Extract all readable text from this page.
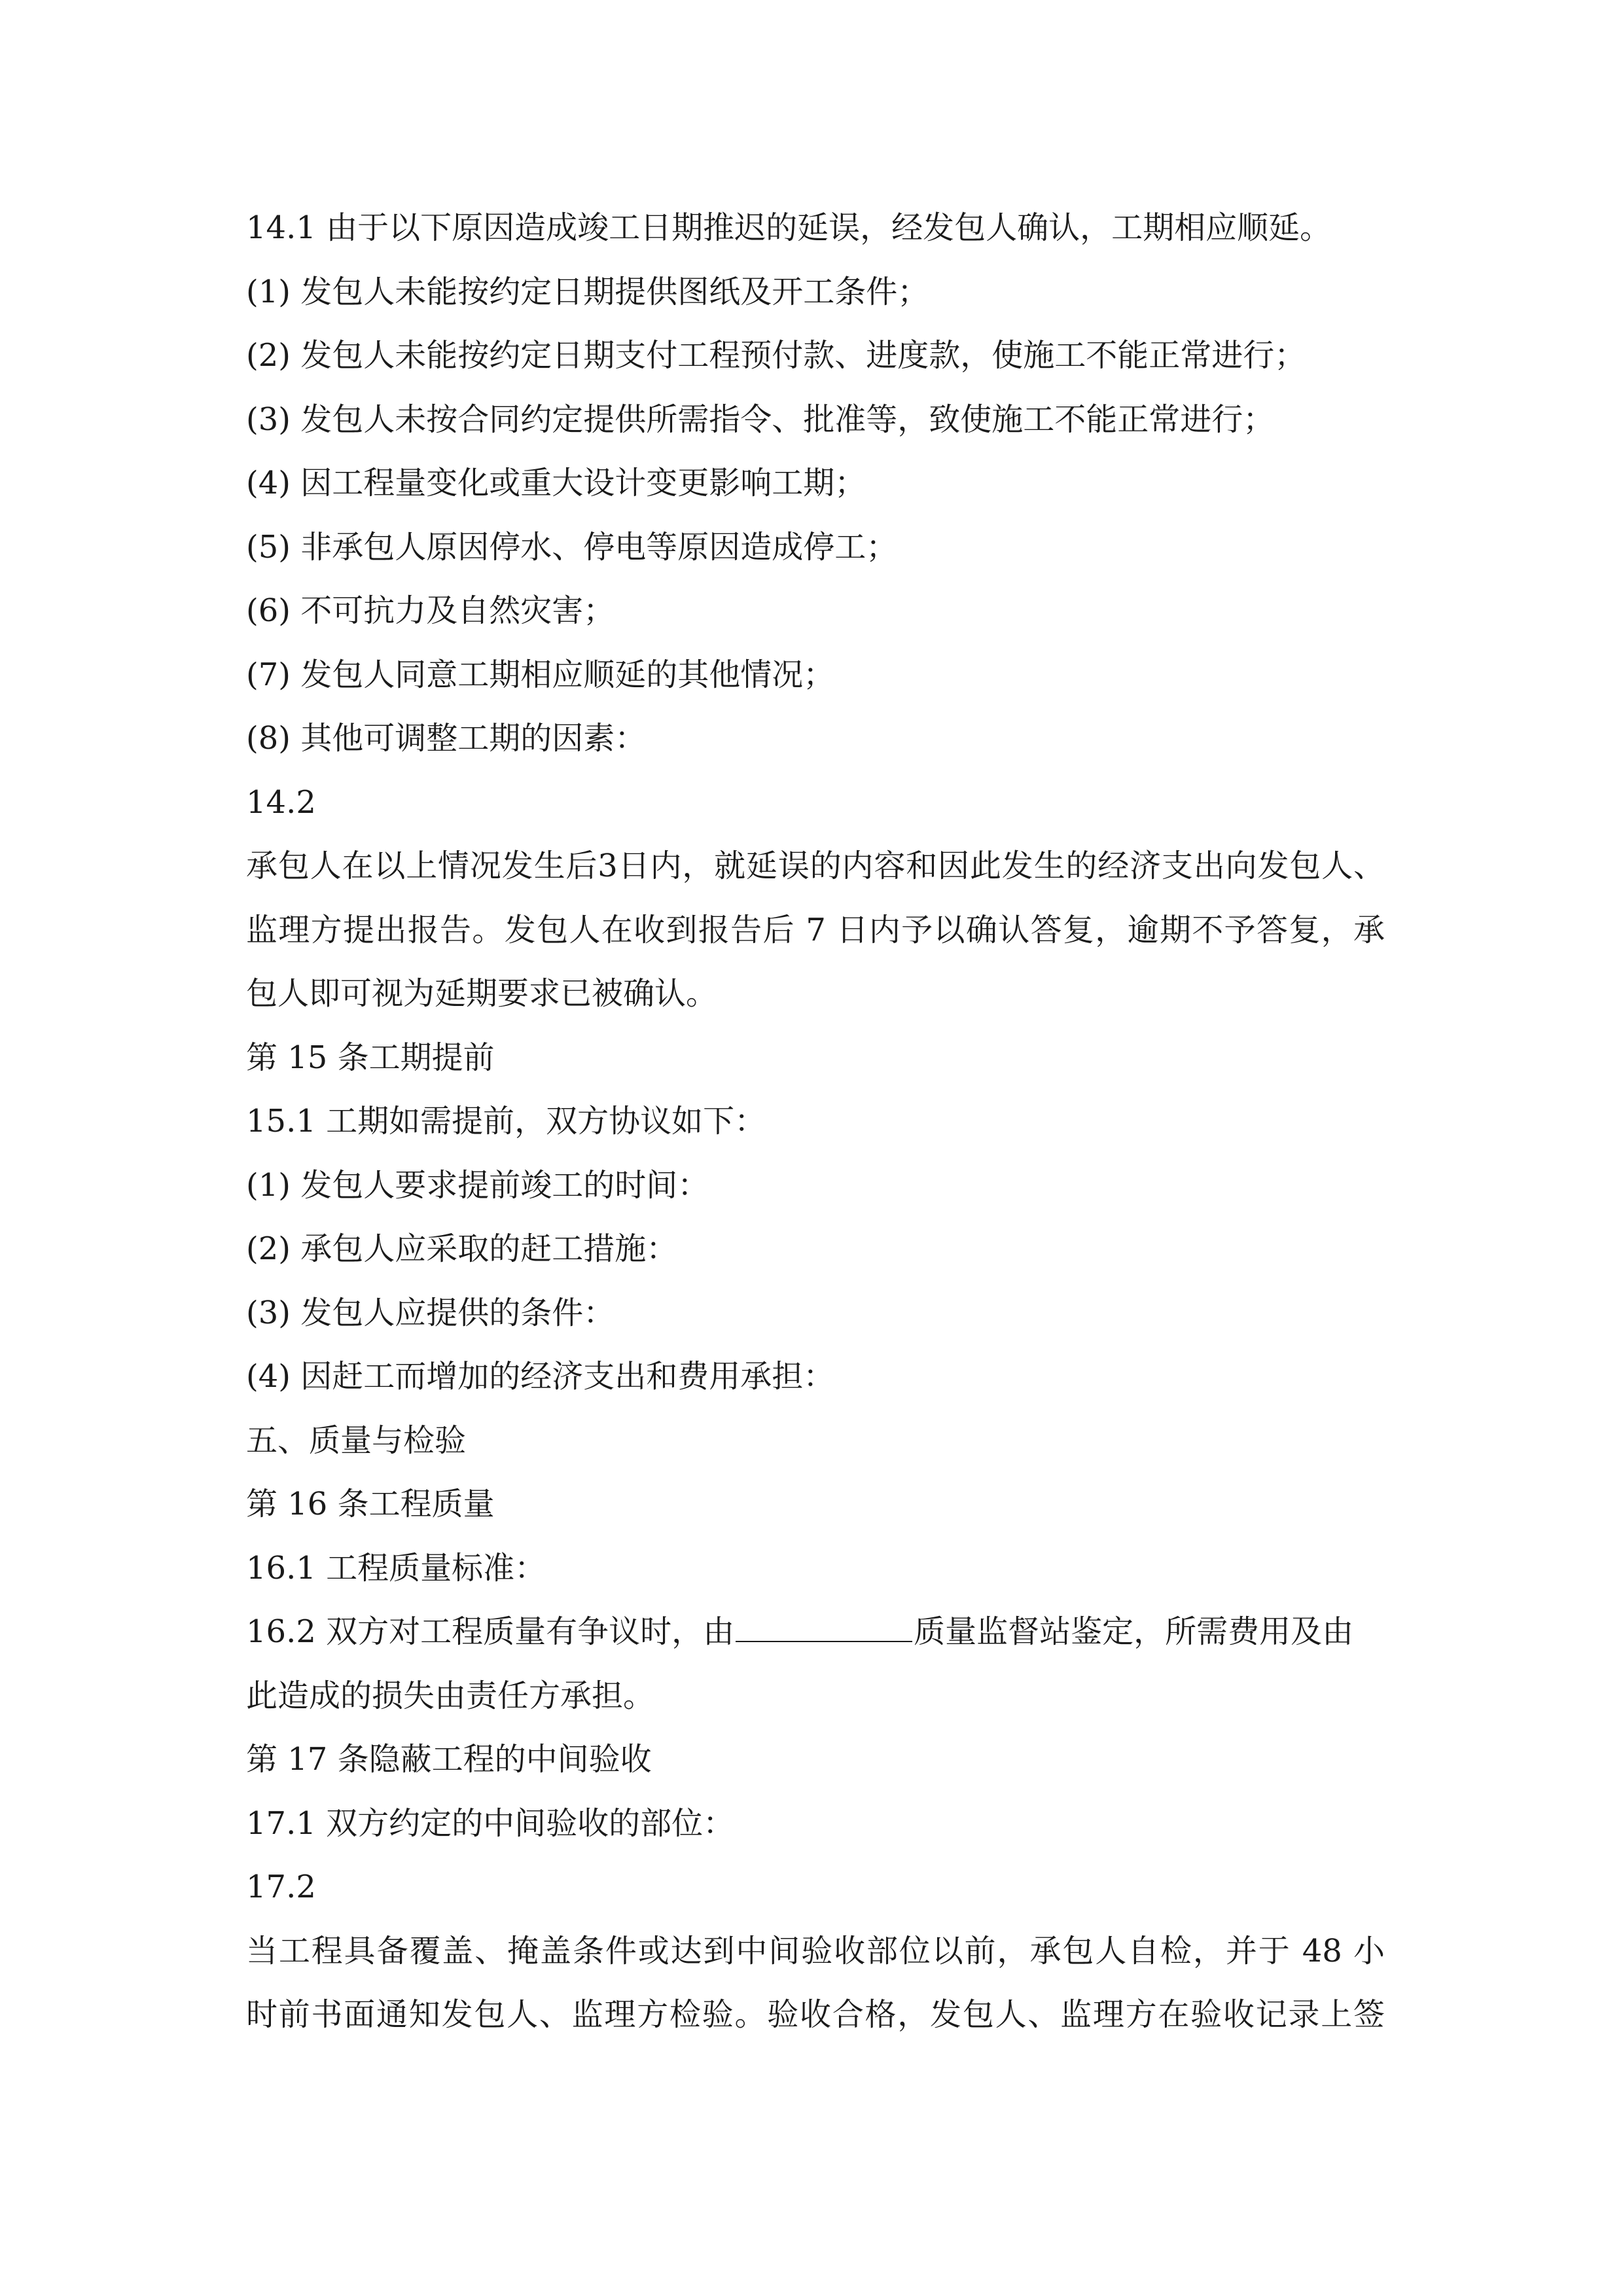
14.1 由于以下原因造成竣工日期推迟的延误，经发包人确认，工期相应顺延。
(1) 发包人未能按约定日期提供图纸及开工条件；
(2) 发包人未能按约定日期支付工程预付款、进度款，使施工不能正常进行；
(3) 发包人未按合同约定提供所需指令、批准等，致使施工不能正常进行；
(4) 因工程量变化或重大设计变更影响工期；
(5) 非承包人原因停水、停电等原因造成停工；
(6) 不可抗力及自然灾害；
(7) 发包人同意工期相应顺延的其他情况；
(8) 其他可调整工期的因素：
14.2
承包人在以上情况发生后3日内，就延误的内容和因此发生的经济支出向发包人、
监理方提出报告。发包人在收到报告后 7 日内予以确认答复，逾期不予答复，承
包人即可视为延期要求已被确认。
第 15 条工期提前
15.1 工期如需提前，双方协议如下：
(1) 发包人要求提前竣工的时间：
(2) 承包人应采取的赶工措施：
(3) 发包人应提供的条件：
(4) 因赶工而增加的经济支出和费用承担：
五、质量与检验
第 16 条工程质量
16.1 工程质量标准：
16.2 双方对工程质量有争议时，由	质量监督站鉴定，所需费用及由
此造成的损失由责任方承担。
第 17 条隐蔽工程的中间验收
17.1 双方约定的中间验收的部位：
17.2
当工程具备覆盖、掩盖条件或达到中间验收部位以前，承包人自检，并于 48 小
时前书面通知发包人、监理方检验。验收合格，发包人、监理方在验收记录上签
